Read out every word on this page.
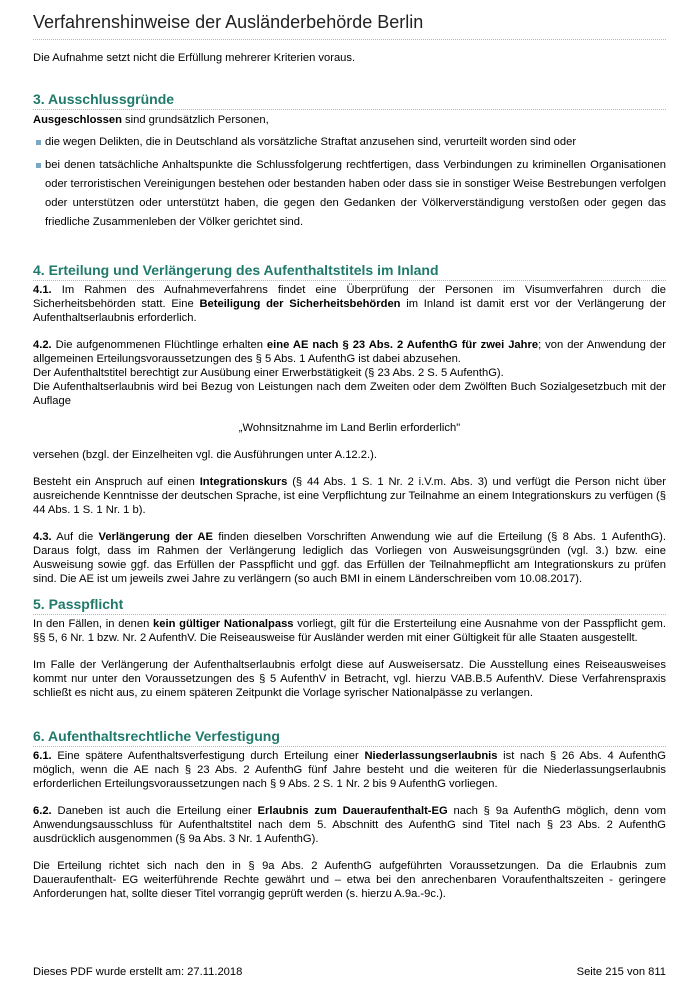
Verfahrenshinweise der Ausländerbehörde Berlin

Die Aufnahme setzt nicht die Erfüllung mehrerer Kriterien voraus.

3. Ausschlussgründe

Ausgeschlossen sind grundsätzlich Personen,

die wegen Delikten, die in Deutschland als vorsätzliche Straftat anzusehen sind, verurteilt worden sind oder
bei denen tatsächliche Anhaltspunkte die Schlussfolgerung rechtfertigen, dass Verbindungen zu kriminellen Organisationen oder terroristischen Vereinigungen bestehen oder bestanden haben oder dass sie in sonstiger Weise Bestrebungen verfolgen oder unterstützen oder unterstützt haben, die gegen den Gedanken der Völkerverständigung verstoßen oder gegen das friedliche Zusammenleben der Völker gerichtet sind.
4. Erteilung und Verlängerung des Aufenthaltstitels im Inland

4.1. Im Rahmen des Aufnahmeverfahrens findet eine Überprüfung der Personen im Visumverfahren durch die Sicherheitsbehörden statt. Eine Beteiligung der Sicherheitsbehörden im Inland ist damit erst vor der Verlängerung der Aufenthaltserlaubnis erforderlich.

4.2. Die aufgenommenen Flüchtlinge erhalten eine AE nach § 23 Abs. 2 AufenthG für zwei Jahre; von der Anwendung der allgemeinen Erteilungsvoraussetzungen des § 5 Abs. 1 AufenthG ist dabei abzusehen.

Der Aufenthaltstitel berechtigt zur Ausübung einer Erwerbstätigkeit (§ 23 Abs. 2 S. 5 AufenthG).

Die Aufenthaltserlaubnis wird bei Bezug von Leistungen nach dem Zweiten oder dem Zwölften Buch Sozialgesetzbuch mit der Auflage

„Wohnsitznahme im Land Berlin erforderlich"

versehen (bzgl. der Einzelheiten vgl. die Ausführungen unter A.12.2.).

Besteht ein Anspruch auf einen Integrationskurs (§ 44 Abs. 1 S. 1 Nr. 2 i.V.m. Abs. 3) und verfügt die Person nicht über ausreichende Kenntnisse der deutschen Sprache, ist eine Verpflichtung zur Teilnahme an einem Integrationskurs zu verfügen (§ 44 Abs. 1 S. 1 Nr. 1 b).

4.3. Auf die Verlängerung der AE finden dieselben Vorschriften Anwendung wie auf die Erteilung (§ 8 Abs. 1 AufenthG). Daraus folgt, dass im Rahmen der Verlängerung lediglich das Vorliegen von Ausweisungsgründen (vgl. 3.) bzw. eine Ausweisung sowie ggf. das Erfüllen der Passpflicht und ggf. das Erfüllen der Teilnahmepflicht am Integrationskurs zu prüfen sind. Die AE ist um jeweils zwei Jahre zu verlängern (so auch BMI in einem Länderschreiben vom 10.08.2017).

5. Passpflicht

In den Fällen, in denen kein gültiger Nationalpass vorliegt, gilt für die Ersterteilung eine Ausnahme von der Passpflicht gem. §§ 5, 6 Nr. 1 bzw. Nr. 2 AufenthV. Die Reiseausweise für Ausländer werden mit einer Gültigkeit für alle Staaten ausgestellt.

Im Falle der Verlängerung der Aufenthaltserlaubnis erfolgt diese auf Ausweisersatz. Die Ausstellung eines Reiseausweises kommt nur unter den Voraussetzungen des § 5 AufenthV in Betracht, vgl. hierzu VAB.B.5 AufenthV. Diese Verfahrenspraxis schließt es nicht aus, zu einem späteren Zeitpunkt die Vorlage syrischer Nationalpässe zu verlangen.

6. Aufenthaltsrechtliche Verfestigung

6.1. Eine spätere Aufenthaltsverfestigung durch Erteilung einer Niederlassungserlaubnis ist nach § 26 Abs. 4 AufenthG möglich, wenn die AE nach § 23 Abs. 2 AufenthG fünf Jahre besteht und die weiteren für die Niederlassungserlaubnis erforderlichen Erteilungsvoraussetzungen nach § 9 Abs. 2 S. 1 Nr. 2 bis 9 AufenthG vorliegen.

6.2. Daneben ist auch die Erteilung einer Erlaubnis zum Daueraufenthalt-EG nach § 9a AufenthG möglich, denn vom Anwendungsausschluss für Aufenthaltstitel nach dem 5. Abschnitt des AufenthG sind Titel nach § 23 Abs. 2 AufenthG ausdrücklich ausgenommen (§ 9a Abs. 3 Nr. 1 AufenthG).

Die Erteilung richtet sich nach den in § 9a Abs. 2 AufenthG aufgeführten Voraussetzungen. Da die Erlaubnis zum Daueraufenthalt- EG weiterführende Rechte gewährt und – etwa bei den anrechenbaren Voraufenthaltszeiten - geringere Anforderungen hat, sollte dieser Titel vorrangig geprüft werden (s. hierzu A.9a.-9c.).

Dieses PDF wurde erstellt am: 27.11.2018	Seite 215 von 811
